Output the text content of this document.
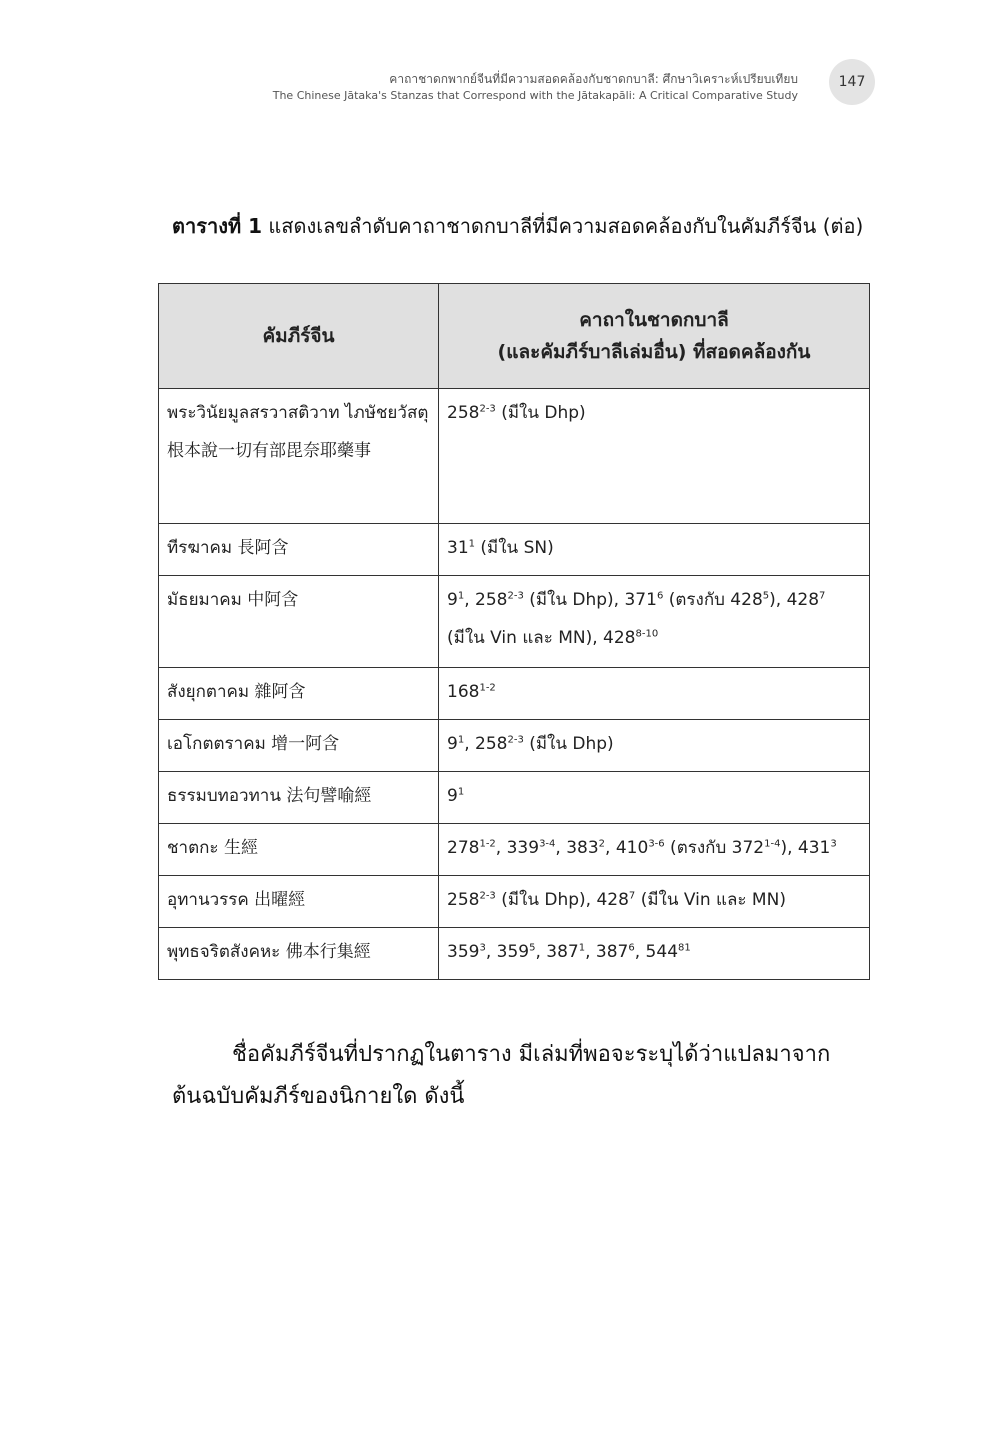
คาถาชาดกพากย์จีนที่มีความสอดคล้องกับชาดกบาลี: ศึกษาวิเคราะห์เปรียบเทียบ
The Chinese Jātaka's Stanzas that Correspond with the Jātakapāli: A Critical Comparative Study
147
ตารางที่ 1 แสดงเลขลำดับคาถาชาดกบาลีที่มีความสอดคล้องกับในคัมภีร์จีน (ต่อ)
คัมภีร์จีน	คาถาในชาดกบาลี
(และคัมภีร์บาลีเล่มอื่น) ที่สอดคล้องกัน

พระวินัยมูลสรวาสติวาท ไภษัชยวัสตุ 根本說一切有部毘奈耶藥事	258$^{2-3}$ (มีใน Dhp)
ทีรฆาคม 長阿含	$31^1$ (มีใน SN)
มัธยมาคม 中阿含	$9^1$, 258$^{2-3}$ (มีใน Dhp), $371^6$ (ตรงกับ $428^5$), $428^7$ (มีใน Vin และ MN), 428$^{8-10}$
สังยุกตาคม 雜阿含	168$^{1-2}$
เอโกตตราคม 增一阿含	$9^1$, 258$^{2-3}$ (มีใน Dhp)
ธรรมบทอวทาน 法句譬喻經	$9^1$
ชาตกะ 生經	278$^{1-2}$, 339$^{3-4}$, $383^2$, 410$^{3-6}$ (ตรงกับ 372$^{1-4}$), $431^3$
อุทานวรรค 出曜經	258$^{2-3}$ (มีใน Dhp), $428^7$ (มีใน Vin และ MN)
พุทธจริตสังคหะ 佛本行集經	$359^3$, $359^5$, $387^1$, $387^6$, $544^{81}$
ชื่อคัมภีร์จีนที่ปรากฏในตาราง มีเล่มที่พอจะระบุได้ว่าแปลมาจาก
ต้นฉบับคัมภีร์ของนิกายใด ดังนี้
